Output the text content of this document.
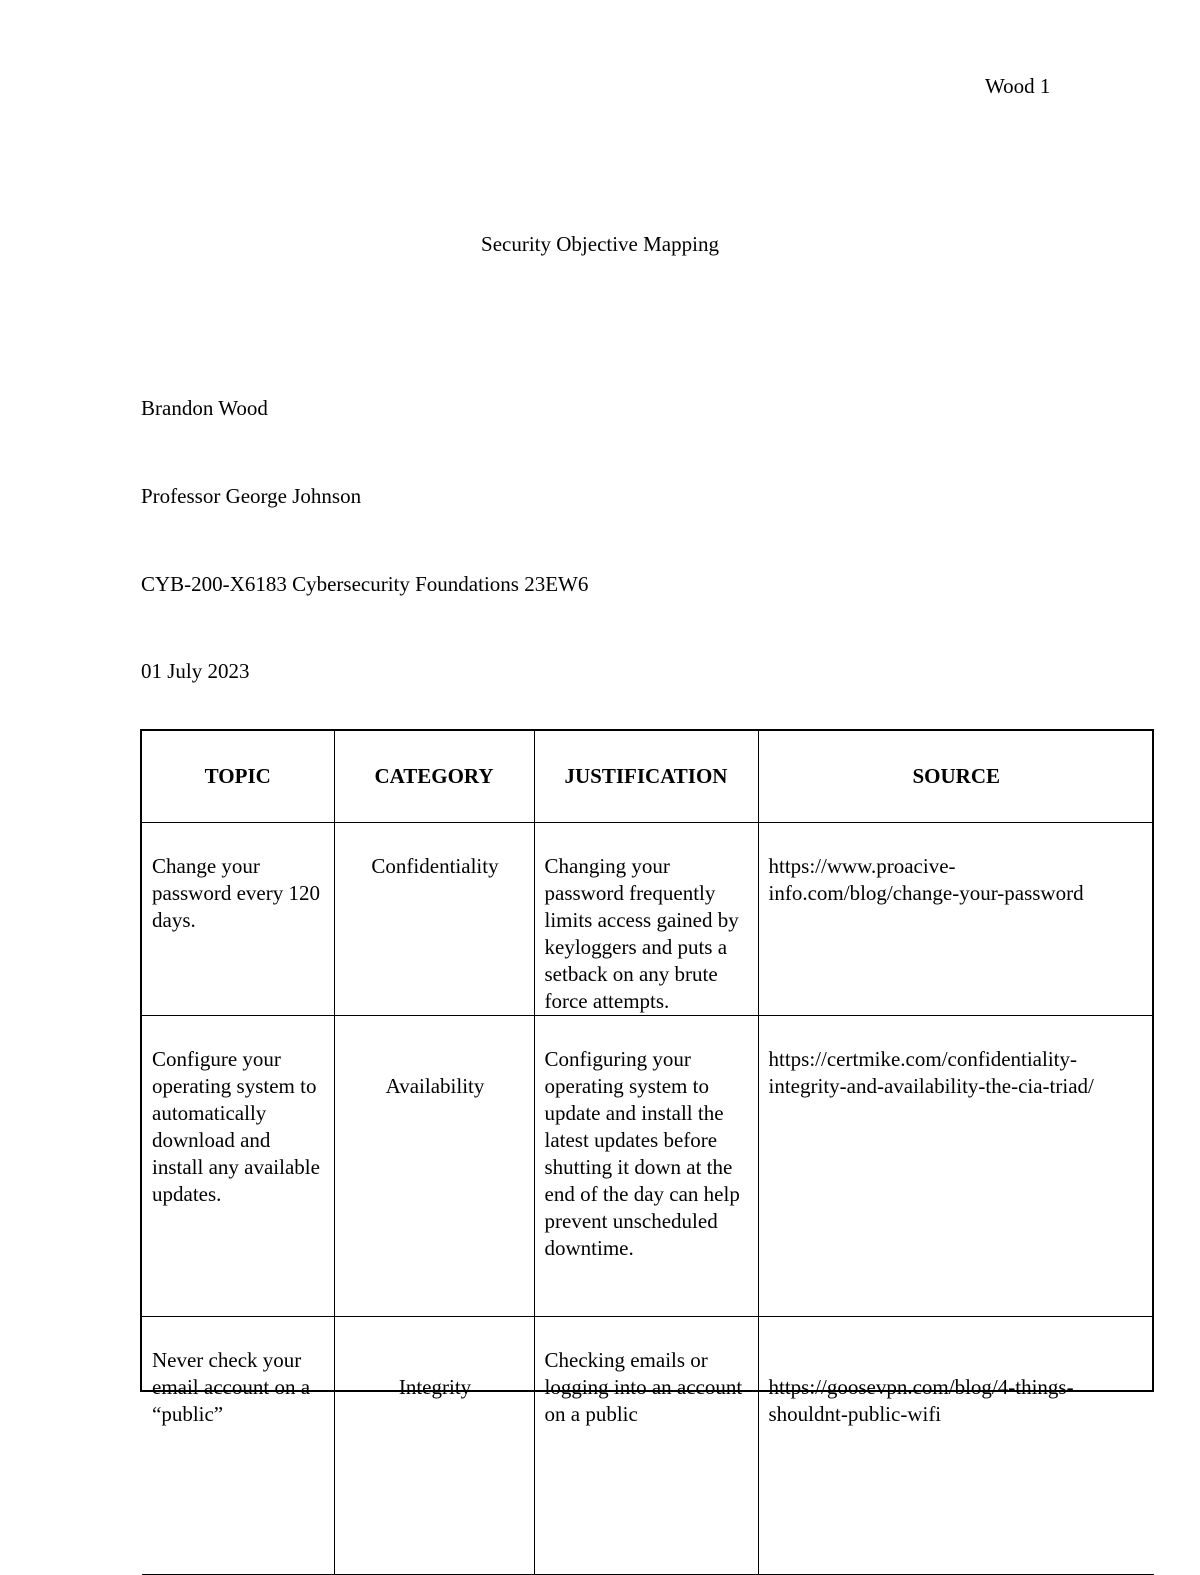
Wood 1
Security Objective Mapping
Brandon Wood
Professor George Johnson
CYB-200-X6183 Cybersecurity Foundations 23EW6
01 July 2023
TOPIC	CATEGORY	JUSTIFICATION	SOURCE
Change your password every 120 days.	Confidentiality	Changing your password frequently limits access gained by keyloggers and puts a setback on any brute force attempts.	https://www.proacive-info.com/blog/change-your-password
Configure your operating system to automatically download and install any available updates.	Availability	Configuring your operating system to update and install the latest updates before shutting it down at the end of the day can help prevent unscheduled downtime.	https://certmike.com/confidentiality-integrity-and-availability-the-cia-triad/
Never check your email account on a “public”	Integrity	Checking emails or logging into an account on a public	https://goosevpn.com/blog/4-things-shouldnt-public-wifi
